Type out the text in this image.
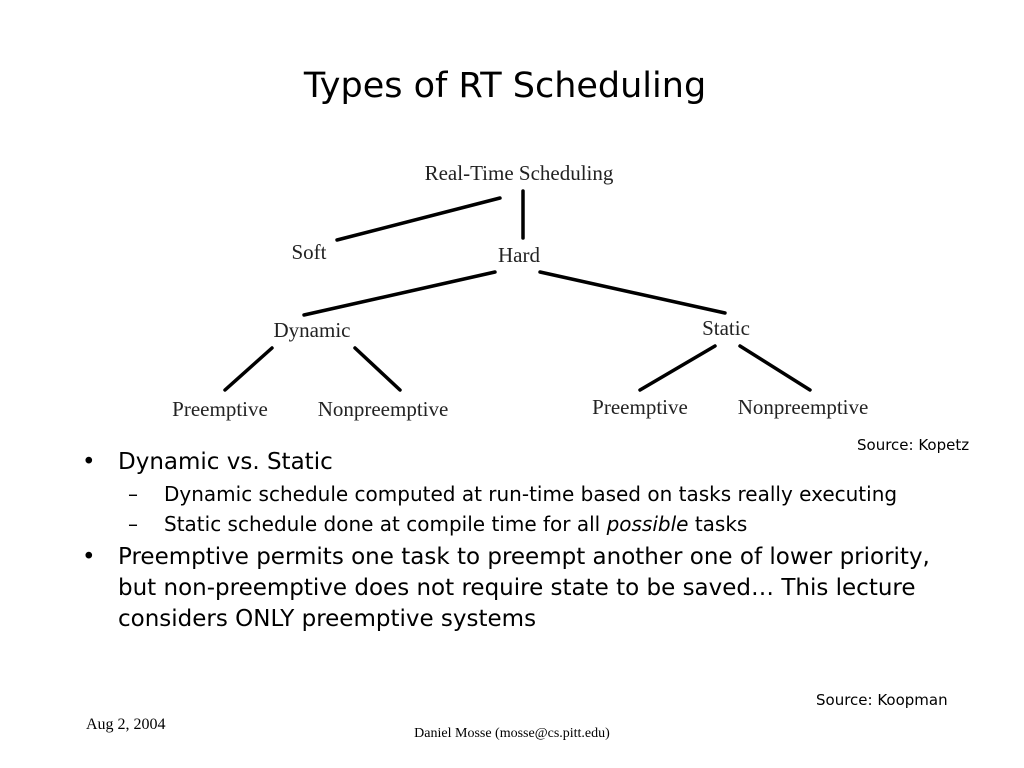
Types of RT Scheduling
Real-Time Scheduling
Soft	Hard
Dynamic	Static
Preemptive Nonpreemptive	Preemptive Nonpreemptive
Source: Kopetz
• Dynamic vs. Static
– Dynamic schedule computed at run-time based on tasks really executing
– Static schedule done at compile time for all possible tasks
• Preemptive permits one task to preempt another one of lower priority, but non-preemptive does not require state to be saved… This lecture considers ONLY preemptive systems
Source: Koopman
Aug 2, 2004
Daniel Mosse (mosse@cs.pitt.edu)
